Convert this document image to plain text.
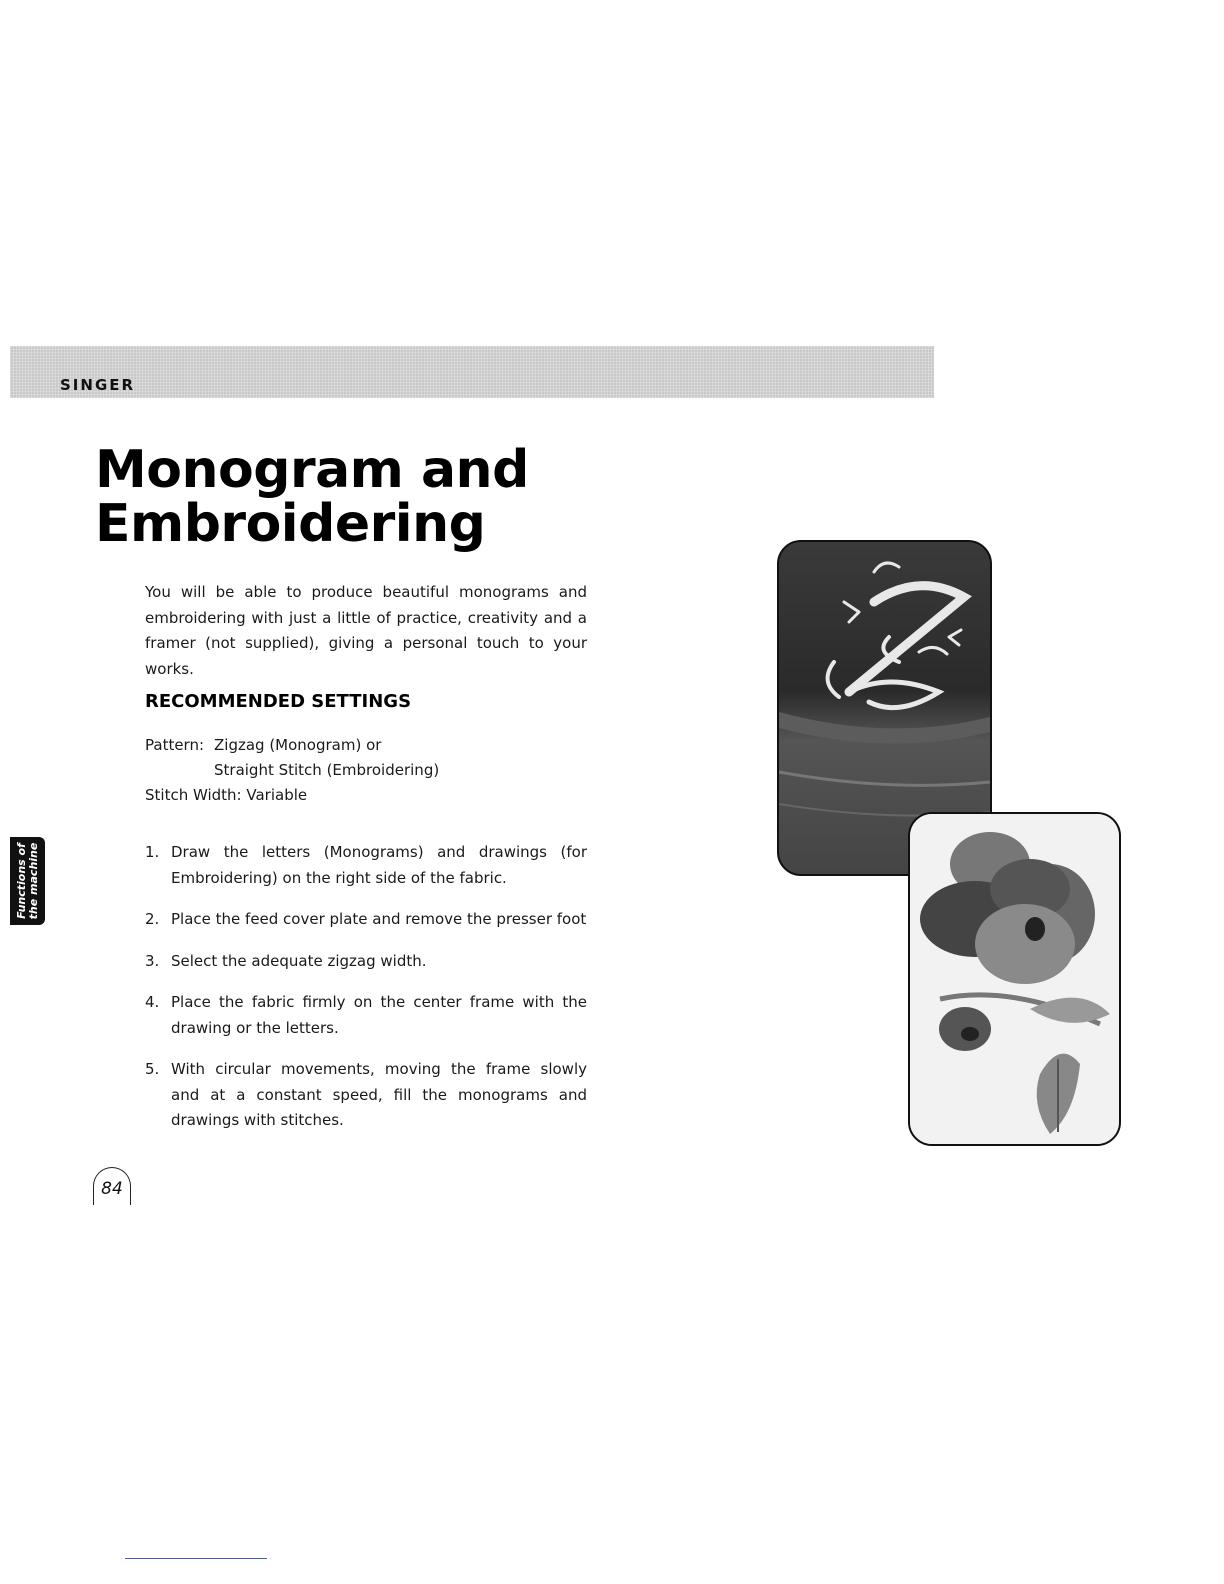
SINGER
Monogram and
Embroidering

You will be able to produce beautiful monograms and embroidering with just a little of practice, creativity and a framer (not supplied), giving a personal touch to your works.

RECOMMENDED SETTINGS
Pattern: Zigzag (Monogram) or
Straight Stitch (Embroidering)
Stitch Width: Variable
Functions of
the machine	1. Draw the letters (Monograms) and drawings (for Embroidering) on the right side of the fabric.
2. Place the feed cover plate and remove the presser foot
3. Select the adequate zigzag width.
4. Place the fabric firmly on the center frame with the drawing or the letters.
5. With circular movements, moving the frame slowly and at a constant speed, fill the monograms and drawings with stitches.
84
